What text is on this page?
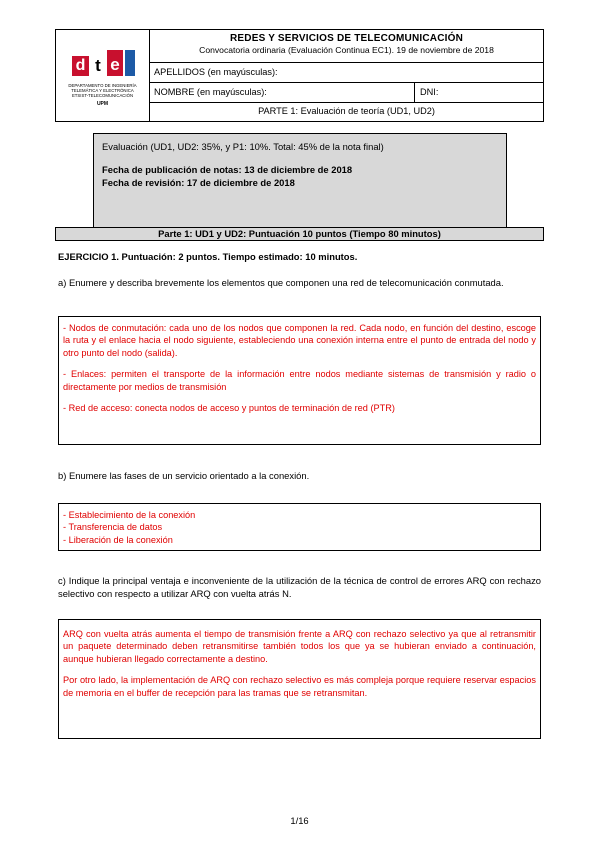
d t e
DEPARTAMENTO DE INGENIERÍA
TELEMÁTICA Y ELECTRÓNICA
ETSIST-TELECOMUNICACIÓN
UPM
REDES Y SERVICIOS DE TELECOMUNICACIÓN
Convocatoria ordinaria (Evaluación Continua EC1). 19 de noviembre de 2018
APELLIDOS (en mayúsculas):
NOMBRE (en mayúsculas):	DNI:
PARTE 1: Evaluación de teoría (UD1, UD2)
Evaluación (UD1, UD2: 35%, y P1: 10%. Total: 45% de la nota final)
Fecha de publicación de notas: 13 de diciembre de 2018
Fecha de revisión: 17 de diciembre de 2018
Parte 1: UD1 y UD2: Puntuación 10 puntos (Tiempo 80 minutos)
EJERCICIO 1. Puntuación: 2 puntos. Tiempo estimado: 10 minutos.
a) Enumere y describa brevemente los elementos que componen una red de telecomunicación conmutada.

- Nodos de conmutación: cada uno de los nodos que componen la red. Cada nodo, en función del destino, escoge la ruta y el enlace hacia el nodo siguiente, estableciendo una conexión interna entre el punto de entrada del nodo y otro punto del nodo (salida).

- Enlaces: permiten el transporte de la información entre nodos mediante sistemas de transmisión y radio o directamente por medios de transmisión

- Red de acceso: conecta nodos de acceso y puntos de terminación de red (PTR)

b) Enumere las fases de un servicio orientado a la conexión.
- Establecimiento de la conexión
- Transferencia de datos
- Liberación de la conexión
c) Indique la principal ventaja e inconveniente de la utilización de la técnica de control de errores ARQ con rechazo selectivo con respecto a utilizar ARQ con vuelta atrás N.

ARQ con vuelta atrás aumenta el tiempo de transmisión frente a ARQ con rechazo selectivo ya que al retransmitir un paquete determinado deben retransmitirse también todos los que ya se hubieran enviado a continuación, aunque hubieran llegado correctamente a destino.

Por otro lado, la implementación de ARQ con rechazo selectivo es más compleja porque requiere reservar espacios de memoria en el buffer de recepción para las tramas que se retransmitan.

1/16
